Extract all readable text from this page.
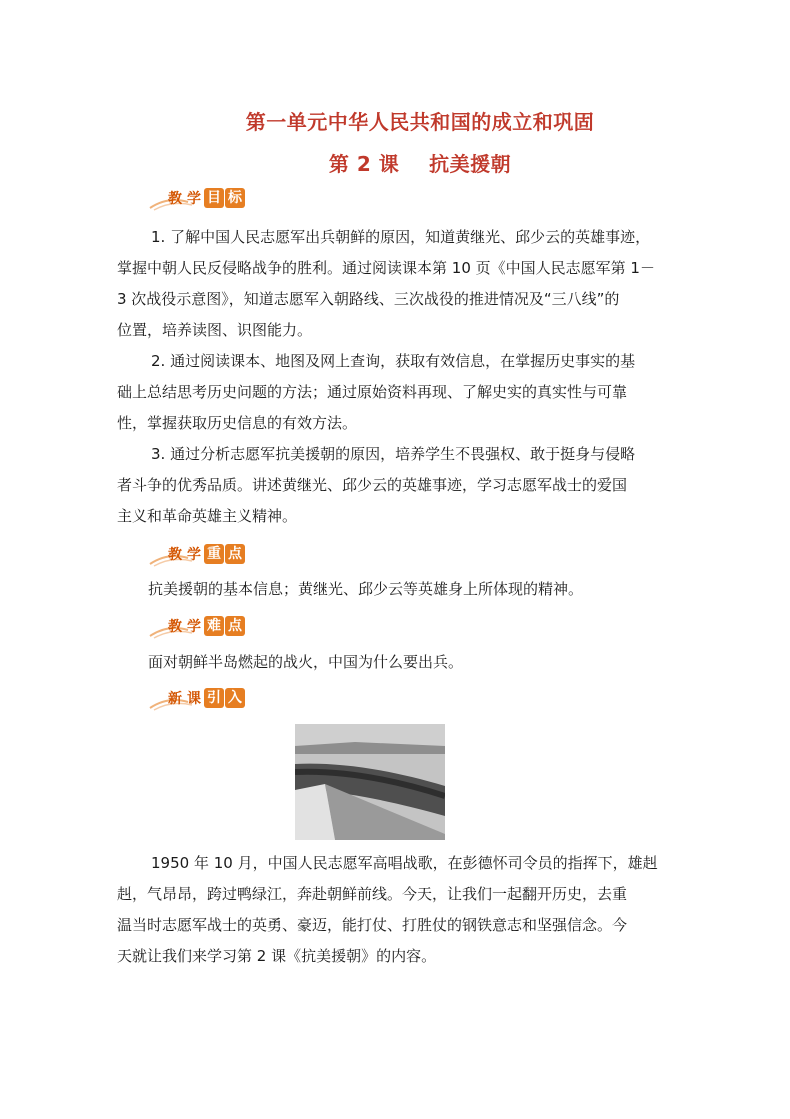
第一单元中华人民共和国的成立和巩固
第 2 课    抗美援朝
教 学 目 标
1. 了解中国人民志愿军出兵朝鲜的原因，知道黄继光、邱少云的英雄事迹，
掌握中朝人民反侵略战争的胜利。通过阅读课本第 10 页《中国人民志愿军第 1－
3 次战役示意图》，知道志愿军入朝路线、三次战役的推进情况及“三八线”的
位置，培养读图、识图能力。
2. 通过阅读课本、地图及网上查询，获取有效信息，在掌握历史事实的基
础上总结思考历史问题的方法；通过原始资料再现、了解史实的真实性与可靠
性，掌握获取历史信息的有效方法。
3. 通过分析志愿军抗美援朝的原因，培养学生不畏强权、敢于挺身与侵略
者斗争的优秀品质。讲述黄继光、邱少云的英雄事迹，学习志愿军战士的爱国
主义和革命英雄主义精神。
教 学 重 点
抗美援朝的基本信息；黄继光、邱少云等英雄身上所体现的精神。
教 学 难 点
面对朝鲜半岛燃起的战火，中国为什么要出兵。
新 课 引 入
1950 年 10 月，中国人民志愿军高唱战歌，在彭德怀司令员的指挥下，雄赳
赳，气昂昂，跨过鸭绿江，奔赴朝鲜前线。今天，让我们一起翻开历史，去重
温当时志愿军战士的英勇、豪迈，能打仗、打胜仗的钢铁意志和坚强信念。今
天就让我们来学习第 2 课《抗美援朝》的内容。
